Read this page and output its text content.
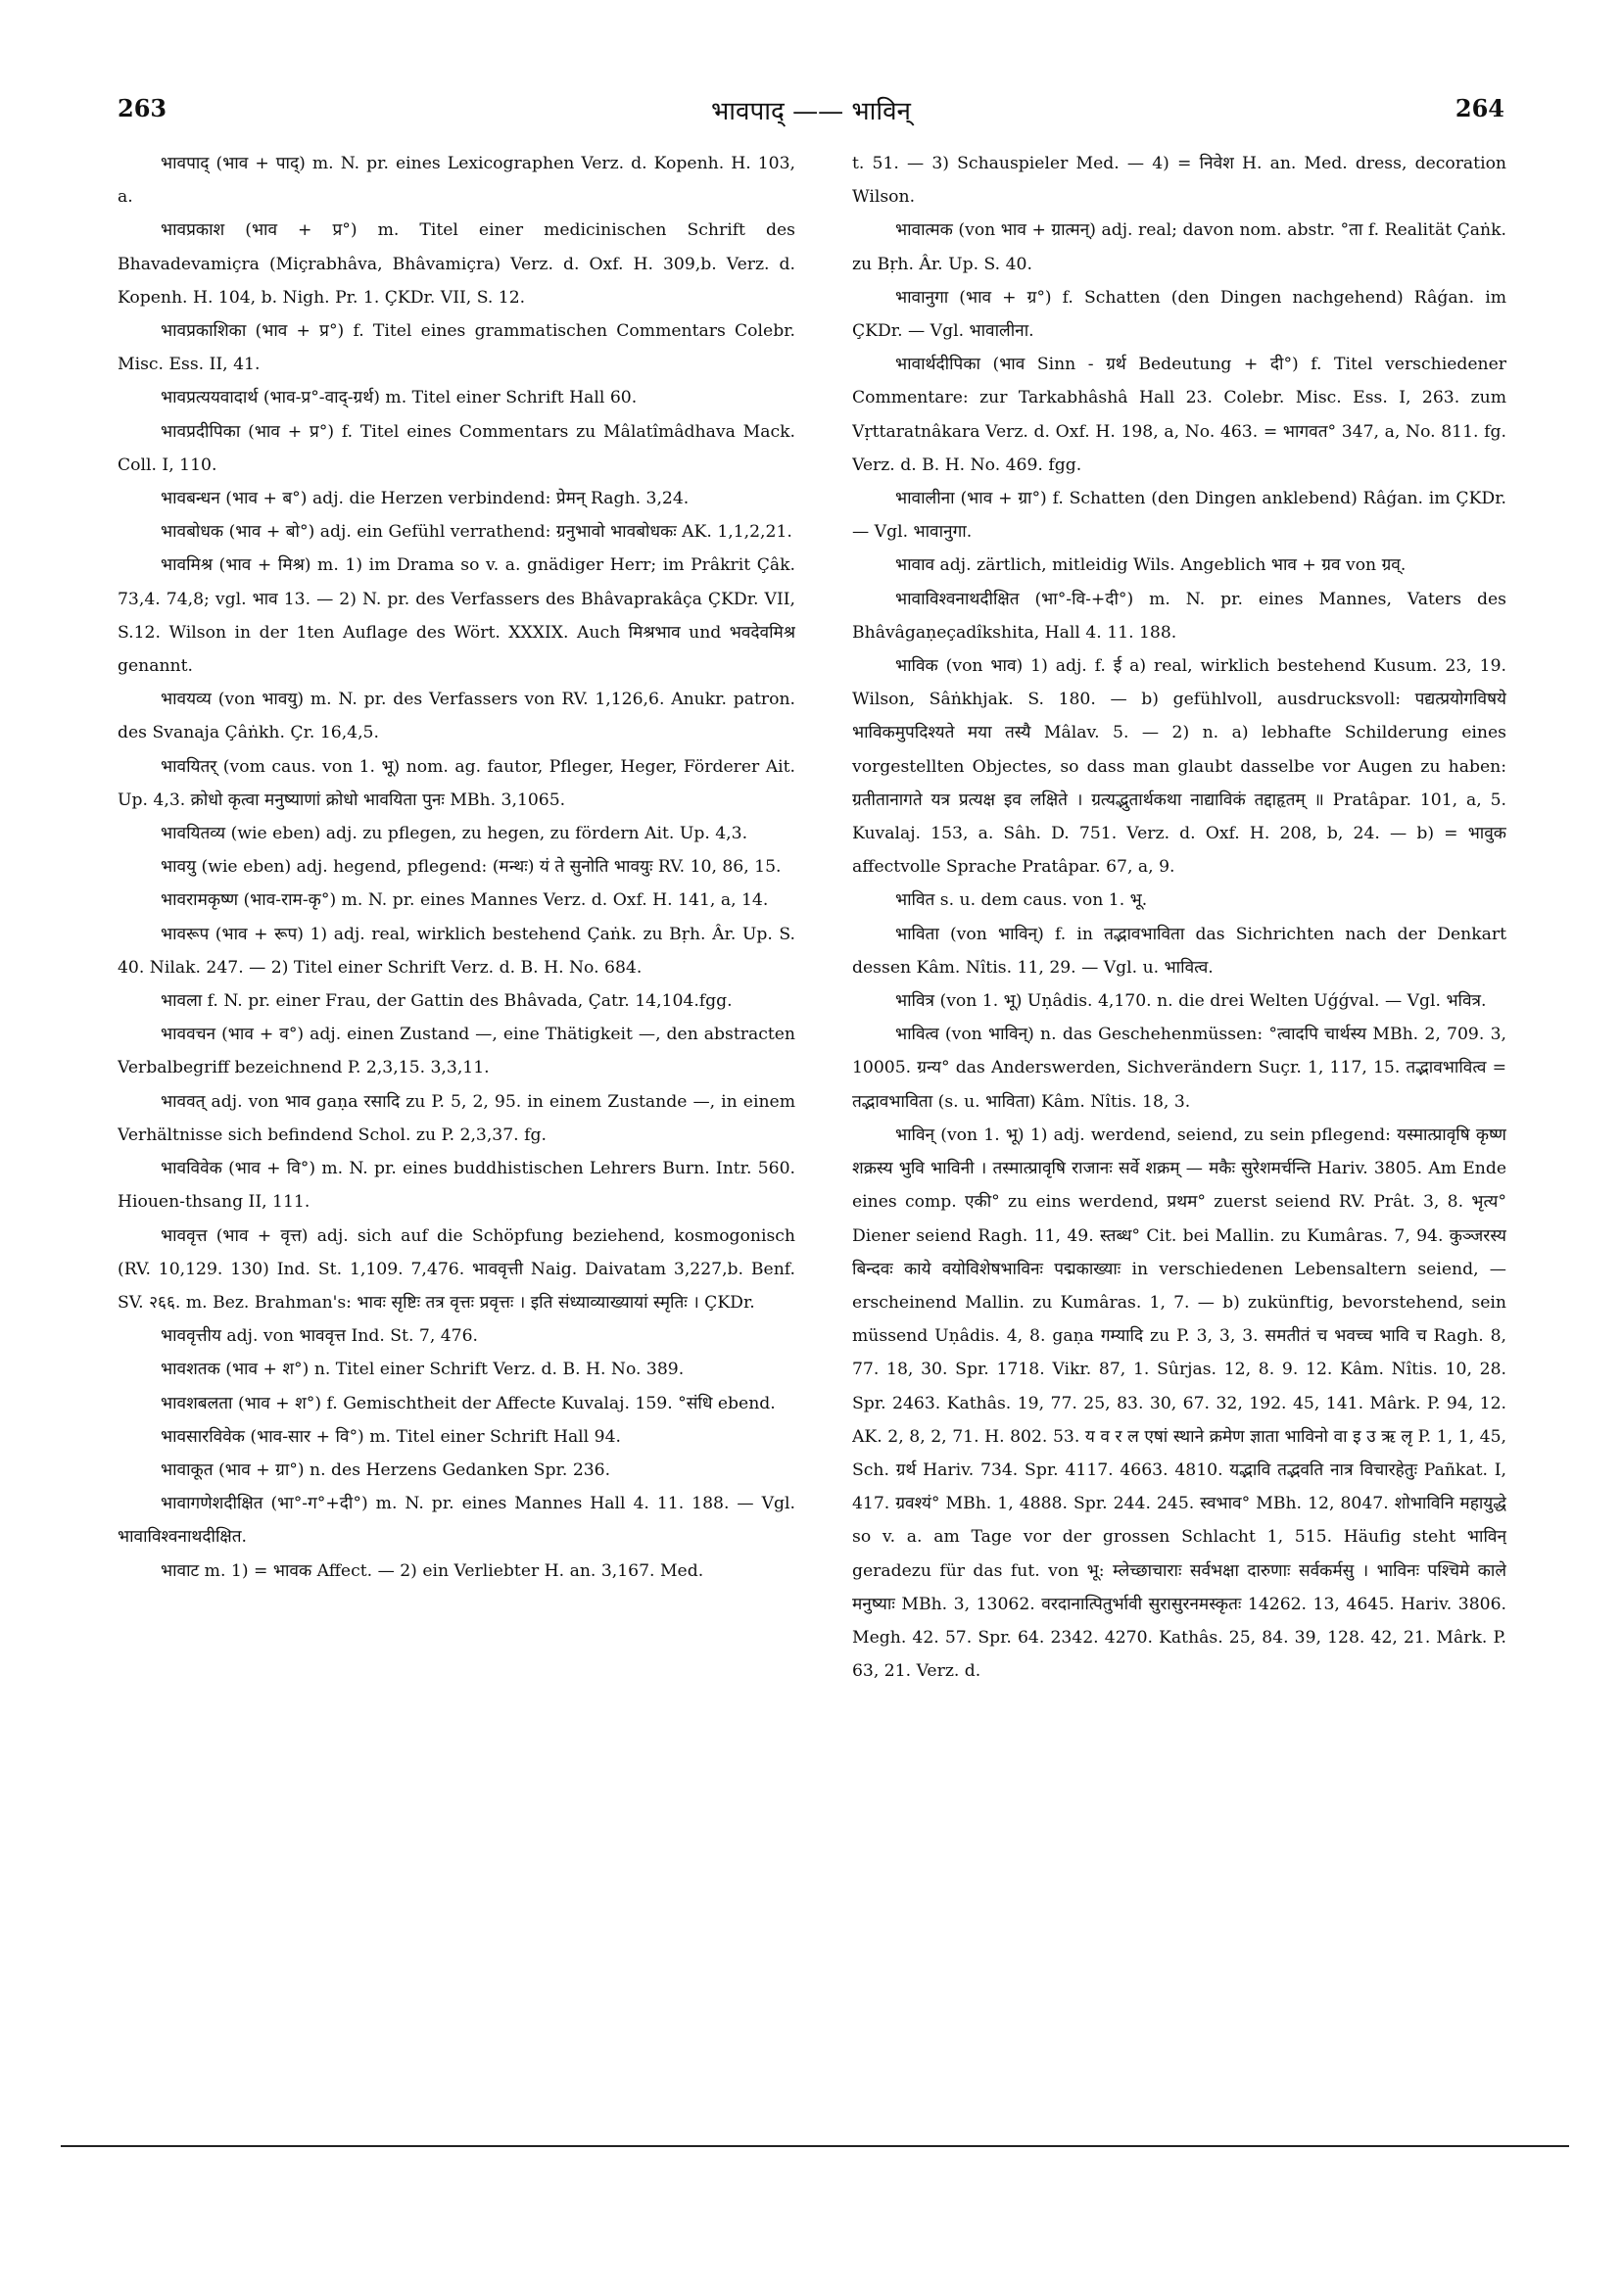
263	भावपाद् —— भाविन्	264

भावपाद् (भाव + पाद्) m. N. pr. eines Lexicographen Verz. d. Kopenh. H. 103, a.

भावप्रकाश (भाव + प्र°) m. Titel einer medicinischen Schrift des Bhavadevamiçra (Miçrabhâva, Bhâvamiçra) Verz. d. Oxf. H. 309,b. Verz. d. Kopenh. H. 104, b. Nigh. Pr. 1. ÇKDr. VII, S. 12.

भावप्रकाशिका (भाव + प्र°) f. Titel eines grammatischen Commentars Colebr. Misc. Ess. II, 41.

भावप्रत्ययवादार्थ (भाव-प्र°-वाद्-ग्रर्थ) m. Titel einer Schrift Hall 60.

भावप्रदीपिका (भाव + प्र°) f. Titel eines Commentars zu Mâlatîmâdhava Mack. Coll. I, 110.

भावबन्धन (भाव + ब°) adj. die Herzen verbindend: प्रेमन् Ragh. 3,24.

भावबोधक (भाव + बो°) adj. ein Gefühl verrathend: ग्रनुभावो भावबोधकः AK. 1,1,2,21.

भावमिश्र (भाव + मिश्र) m. 1) im Drama so v. a. gnädiger Herr; im Prâkrit Çâk. 73,4. 74,8; vgl. भाव 13. — 2) N. pr. des Verfassers des Bhâvaprakâça ÇKDr. VII, S.12. Wilson in der 1ten Auflage des Wört. XXXIX. Auch मिश्रभाव und भवदेवमिश्र genannt.

भावयव्य (von भावयु) m. N. pr. des Verfassers von RV. 1,126,6. Anukr. patron. des Svanaja Çâṅkh. Çr. 16,4,5.

भावयितर् (vom caus. von 1. भू) nom. ag. fautor, Pfleger, Heger, Förderer Ait. Up. 4,3. क्रोधो कृत्वा मनुष्याणां क्रोधो भावयिता पुनः MBh. 3,1065.

भावयितव्य (wie eben) adj. zu pflegen, zu hegen, zu fördern Ait. Up. 4,3.

भावयु (wie eben) adj. hegend, pflegend: (मन्थः) यं ते सुनोति भावयुः RV. 10, 86, 15.

भावरामकृष्ण (भाव-राम-कृ°) m. N. pr. eines Mannes Verz. d. Oxf. H. 141, a, 14.

भावरूप (भाव + रूप) 1) adj. real, wirklich bestehend Çaṅk. zu Bṛh. Âr. Up. S. 40. Nilak. 247. — 2) Titel einer Schrift Verz. d. B. H. No. 684.

भावला f. N. pr. einer Frau, der Gattin des Bhâvada, Çatr. 14,104.fgg.

भाववचन (भाव + व°) adj. einen Zustand —, eine Thätigkeit —, den abstracten Verbalbegriff bezeichnend P. 2,3,15. 3,3,11.

भाववत् adj. von भाव gaṇa रसादि zu P. 5, 2, 95. in einem Zustande —, in einem Verhältnisse sich befindend Schol. zu P. 2,3,37. fg.

भावविवेक (भाव + वि°) m. N. pr. eines buddhistischen Lehrers Burn. Intr. 560. Hiouen-thsang II, 111.

भाववृत्त (भाव + वृत्त) adj. sich auf die Schöpfung beziehend, kosmogonisch (RV. 10,129. 130) Ind. St. 1,109. 7,476. भाववृत्ती Naig. Daivatam 3,227,b. Benf. SV. २६६. m. Bez. Brahman's: भावः सृष्टिः तत्र वृत्तः प्रवृत्तः । इति संध्याव्याख्यायां स्मृतिः । ÇKDr.

भाववृत्तीय adj. von भाववृत्त Ind. St. 7, 476.

भावशतक (भाव + श°) n. Titel einer Schrift Verz. d. B. H. No. 389.

भावशबलता (भाव + श°) f. Gemischtheit der Affecte Kuvalaj. 159. °संधि ebend.

भावसारविवेक (भाव-सार + वि°) m. Titel einer Schrift Hall 94.

भावाकूत (भाव + ग्रा°) n. des Herzens Gedanken Spr. 236.

भावागणेशदीक्षित (भा°-ग°+दी°) m. N. pr. eines Mannes Hall 4. 11. 188. — Vgl. भावाविश्वनाथदीक्षित.

भावाट m. 1) = भावक Affect. — 2) ein Verliebter H. an. 3,167. Med.

t. 51. — 3) Schauspieler Med. — 4) = निवेश H. an. Med. dress, decoration Wilson.

भावात्मक (von भाव + ग्रात्मन्) adj. real; davon nom. abstr. °ता f. Realität Çaṅk. zu Bṛh. Âr. Up. S. 40.

भावानुगा (भाव + ग्र°) f. Schatten (den Dingen nachgehend) Râǵan. im ÇKDr. — Vgl. भावालीना.

भावार्थदीपिका (भाव Sinn - ग्रर्थ Bedeutung + दी°) f. Titel verschiedener Commentare: zur Tarkabhâshâ Hall 23. Colebr. Misc. Ess. I, 263. zum Vṛttaratnâkara Verz. d. Oxf. H. 198, a, No. 463. = भागवत° 347, a, No. 811. fg. Verz. d. B. H. No. 469. fgg.

भावालीना (भाव + ग्रा°) f. Schatten (den Dingen anklebend) Râǵan. im ÇKDr. — Vgl. भावानुगा.

भावाव adj. zärtlich, mitleidig Wils. Angeblich भाव + ग्रव von ग्रव्.

भावाविश्वनाथदीक्षित (भा°-वि-+दी°) m. N. pr. eines Mannes, Vaters des Bhâvâgaṇeçadîkshita, Hall 4. 11. 188.

भाविक (von भाव) 1) adj. f. ई a) real, wirklich bestehend Kusum. 23, 19. Wilson, Sâṅkhjak. S. 180. — b) gefühlvoll, ausdrucksvoll: पद्यत्प्रयोगविषये भाविकमुपदिश्यते मया तस्यै Mâlav. 5. — 2) n. a) lebhafte Schilderung eines vorgestellten Objectes, so dass man glaubt dasselbe vor Augen zu haben: ग्रतीतानागते यत्र प्रत्यक्ष इव लक्षिते । ग्रत्यद्भुतार्थकथा नाद्याविकं तद्दाहृतम् ॥ Pratâpar. 101, a, 5. Kuvalaj. 153, a. Sâh. D. 751. Verz. d. Oxf. H. 208, b, 24. — b) = भावुक affectvolle Sprache Pratâpar. 67, a, 9.

भावित s. u. dem caus. von 1. भू.

भाविता (von भाविन्) f. in तद्भावभाविता das Sichrichten nach der Denkart dessen Kâm. Nîtis. 11, 29. — Vgl. u. भावित्व.

भावित्र (von 1. भू) Uṇâdis. 4,170. n. die drei Welten Uǵǵval. — Vgl. भवित्र.

भावित्व (von भाविन्) n. das Geschehenmüssen: °त्वादपि चार्थस्य MBh. 2, 709. 3, 10005. ग्रन्य° das Anderswerden, Sichverändern Suçr. 1, 117, 15. तद्भावभावित्व = तद्भावभाविता (s. u. भाविता) Kâm. Nîtis. 18, 3.

भाविन् (von 1. भू) 1) adj. werdend, seiend, zu sein pflegend: यस्मात्प्रावृषि कृष्ण शक्रस्य भुवि भाविनी । तस्मात्प्रावृषि राजानः सर्वे शक्रम् — मकैः सुरेशमर्चन्ति Hariv. 3805. Am Ende eines comp. एकी° zu eins werdend, प्रथम° zuerst seiend RV. Prât. 3, 8. भृत्य° Diener seiend Ragh. 11, 49. स्तब्ध° Cit. bei Mallin. zu Kumâras. 7, 94. कुञ्जरस्य बिन्दवः काये वयोविशेषभाविनः पद्मकाख्याः in verschiedenen Lebensaltern seiend, — erscheinend Mallin. zu Kumâras. 1, 7. — b) zukünftig, bevorstehend, sein müssend Uṇâdis. 4, 8. gaṇa गम्यादि zu P. 3, 3, 3. समतीतं च भवच्च भावि च Ragh. 8, 77. 18, 30. Spr. 1718. Vikr. 87, 1. Sûrjas. 12, 8. 9. 12. Kâm. Nîtis. 10, 28. Spr. 2463. Kathâs. 19, 77. 25, 83. 30, 67. 32, 192. 45, 141. Mârk. P. 94, 12. AK. 2, 8, 2, 71. H. 802. 53. य व र ल एषां स्थाने क्रमेण ज्ञाता भाविनो वा इ उ ऋ लृ P. 1, 1, 45, Sch. ग्रर्थ Hariv. 734. Spr. 4117. 4663. 4810. यद्भावि तद्भवति नात्र विचारहेतुः Pañkat. I, 417. ग्रवश्यं° MBh. 1, 4888. Spr. 244. 245. स्वभाव° MBh. 12, 8047. शोभाविनि महायुद्धे so v. a. am Tage vor der grossen Schlacht 1, 515. Häufig steht भाविन् geradezu für das fut. von भू: म्लेच्छाचाराः सर्वभक्षा दारुणाः सर्वकर्मसु । भाविनः पश्चिमे काले मनुष्याः MBh. 3, 13062. वरदानात्पितुर्भावी सुरासुरनमस्कृतः 14262. 13, 4645. Hariv. 3806. Megh. 42. 57. Spr. 64. 2342. 4270. Kathâs. 25, 84. 39, 128. 42, 21. Mârk. P. 63, 21. Verz. d.
